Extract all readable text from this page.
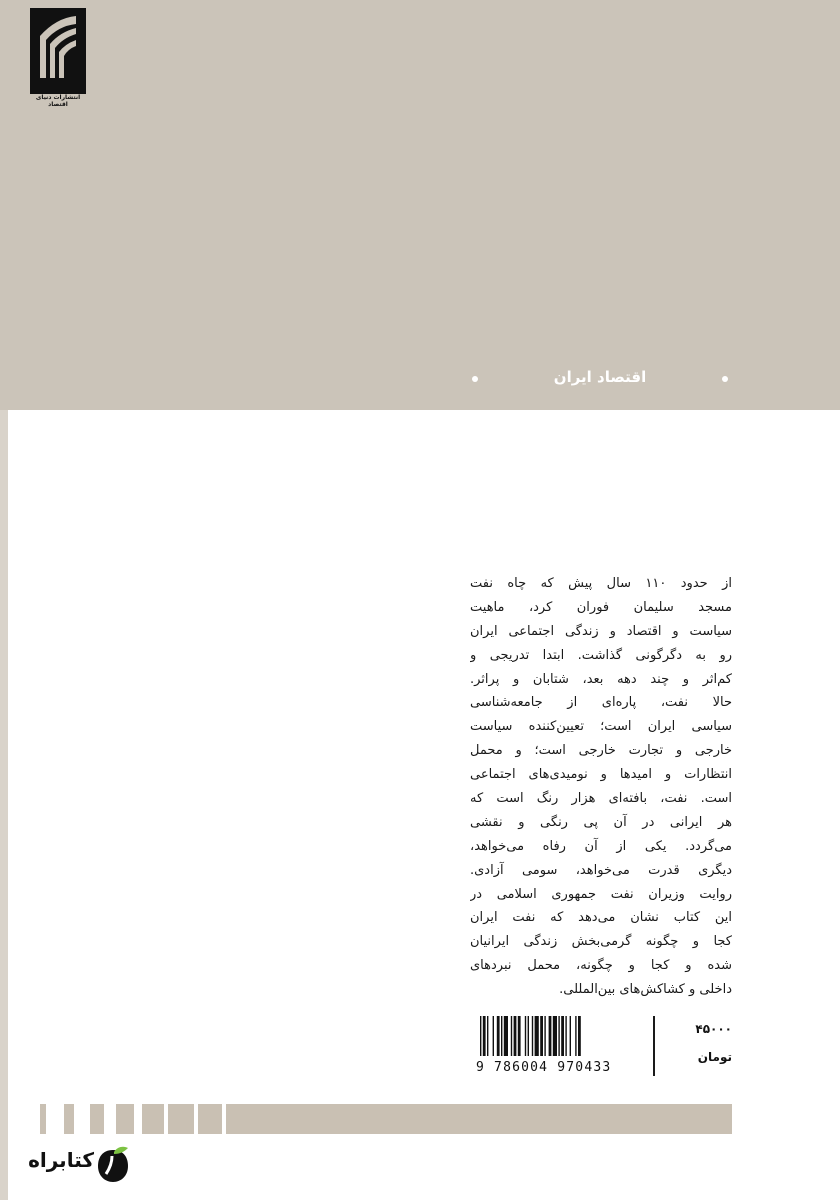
انتشارات دنیای اقتصاد
اقتصاد ایران
از حدود ۱۱۰ سال پیش که چاه نفت
مسجد سلیمان فوران کرد، ماهیت
سیاست و اقتصاد و زندگی اجتماعی ایران
رو به دگرگونی گذاشت. ابتدا تدریجی و
کم‌اثر و چند دهه بعد، شتابان و پراثر.
حالا نفت، پاره‌ای از جامعه‌شناسی
سیاسی ایران است؛ تعیین‌کننده سیاست
خارجی و تجارت خارجی است؛ و محمل
انتظارات و امیدها و نومیدی‌های اجتماعی
است. نفت، بافته‌ای هزار رنگ است که
هر ایرانی در آن پی رنگی و نقشی
می‌گردد. یکی از آن رفاه می‌خواهد،
دیگری قدرت می‌خواهد، سومی آزادی.
روایت وزیران نفت جمهوری اسلامی در
این کتاب نشان می‌دهد که نفت ایران
کجا و چگونه گرمی‌بخش زندگی ایرانیان
شده و کجا و چگونه، محمل نبردهای
داخلی و کشاکش‌های بین‌المللی.
9 786004 970433
۴۵۰۰۰
تومان
کتابراه
